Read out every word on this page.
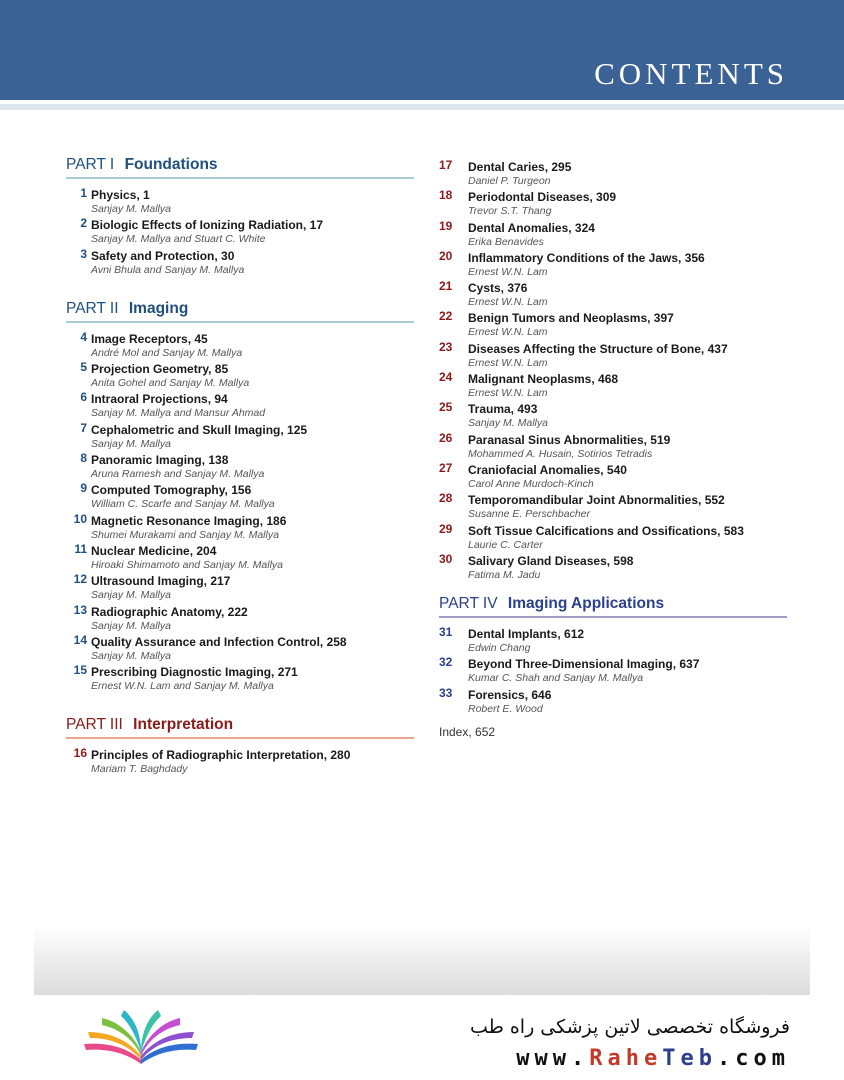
CONTENTS
PART I Foundations
1 Physics, 1
Sanjay M. Mallya
2 Biologic Effects of Ionizing Radiation, 17
Sanjay M. Mallya and Stuart C. White
3 Safety and Protection, 30
Avni Bhula and Sanjay M. Mallya
PART II Imaging
4 Image Receptors, 45
André Mol and Sanjay M. Mallya
5 Projection Geometry, 85
Anita Gohel and Sanjay M. Mallya
6 Intraoral Projections, 94
Sanjay M. Mallya and Mansur Ahmad
7 Cephalometric and Skull Imaging, 125
Sanjay M. Mallya
8 Panoramic Imaging, 138
Aruna Ramesh and Sanjay M. Mallya
9 Computed Tomography, 156
William C. Scarfe and Sanjay M. Mallya
10 Magnetic Resonance Imaging, 186
Shumei Murakami and Sanjay M. Mallya
11 Nuclear Medicine, 204
Hiroaki Shimamoto and Sanjay M. Mallya
12 Ultrasound Imaging, 217
Sanjay M. Mallya
13 Radiographic Anatomy, 222
Sanjay M. Mallya
14 Quality Assurance and Infection Control, 258
Sanjay M. Mallya
15 Prescribing Diagnostic Imaging, 271
Ernest W.N. Lam and Sanjay M. Mallya
PART III Interpretation
16 Principles of Radiographic Interpretation, 280
Mariam T. Baghdady
17	Dental Caries, 295
Daniel P. Turgeon
18	Periodontal Diseases, 309
Trevor S.T. Thang
19	Dental Anomalies, 324
Erika Benavides
20	Inflammatory Conditions of the Jaws, 356
Ernest W.N. Lam
21	Cysts, 376
Ernest W.N. Lam
22	Benign Tumors and Neoplasms, 397
Ernest W.N. Lam
23	Diseases Affecting the Structure of Bone, 437
Ernest W.N. Lam
24	Malignant Neoplasms, 468
Ernest W.N. Lam
25	Trauma, 493
Sanjay M. Mallya
26	Paranasal Sinus Abnormalities, 519
Mohammed A. Husain, Sotirios Tetradis
27	Craniofacial Anomalies, 540
Carol Anne Murdoch-Kinch
28	Temporomandibular Joint Abnormalities, 552
Susanne E. Perschbacher
29	Soft Tissue Calcifications and Ossifications, 583
Laurie C. Carter
30	Salivary Gland Diseases, 598
Fatima M. Jadu
PART IV Imaging Applications
31	Dental Implants, 612
Edwin Chang
32	Beyond Three-Dimensional Imaging, 637
Kumar C. Shah and Sanjay M. Mallya
33	Forensics, 646
Robert E. Wood
Index, 652
فروشگاه تخصصی لاتین پزشکی راه طب
www.RaheTeb.com
